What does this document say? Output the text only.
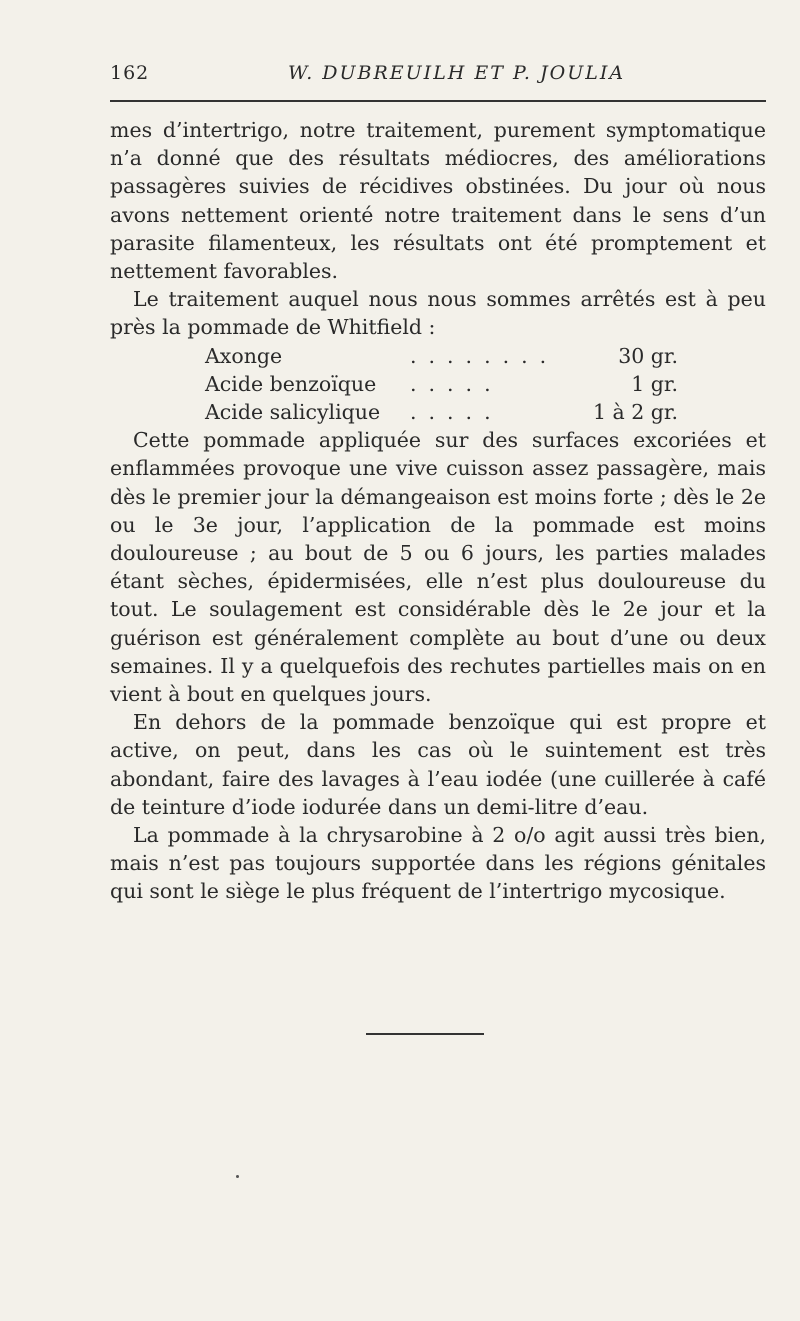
162	W. DUBREUILH ET P. JOULIA

mes d’intertrigo, notre traitement, purement symptomatique n’a donné que des résultats médiocres, des améliorations passagères suivies de récidives obstinées. Du jour où nous avons nettement orienté notre traitement dans le sens d’un parasite filamenteux, les résultats ont été promptement et nettement favorables.

Le traitement auquel nous nous sommes arrêtés est à peu près la pommade de Whitfield :

Axonge	........	30 gr.
Acide benzoïque .....	1 gr.
Acide salicylique .....	1 à 2 gr.

Cette pommade appliquée sur des surfaces excoriées et enflammées provoque une vive cuisson assez passagère, mais dès le premier jour la démangeaison est moins forte ; dès le 2e ou le 3e jour, l’application de la pommade est moins douloureuse ; au bout de 5 ou 6 jours, les parties malades étant sèches, épidermisées, elle n’est plus douloureuse du tout. Le soulagement est considérable dès le 2e jour et la guérison est généralement complète au bout d’une ou deux semaines. Il y a quelquefois des rechutes partielles mais on en vient à bout en quelques jours.

En dehors de la pommade benzoïque qui est propre et active, on peut, dans les cas où le suintement est très abondant, faire des lavages à l’eau iodée (une cuillerée à café de teinture d’iode iodurée dans un demi-litre d’eau.

La pommade à la chrysarobine à 2 o/o agit aussi très bien, mais n’est pas toujours supportée dans les régions génitales qui sont le siège le plus fréquent de l’intertrigo mycosique.
